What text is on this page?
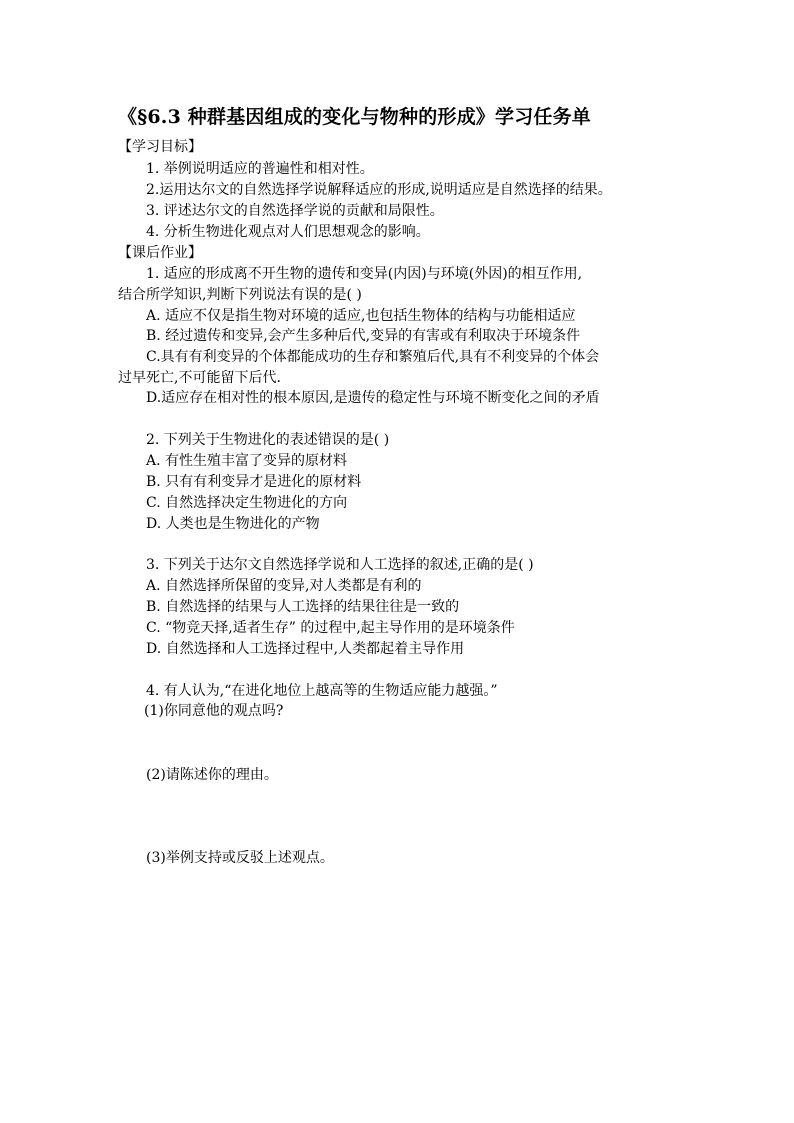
《§6.3 种群基因组成的变化与物种的形成》学习任务单
【学习目标】
1. 举例说明适应的普遍性和相对性。
2.运用达尔文的自然选择学说解释适应的形成,说明适应是自然选择的结果。
3. 评述达尔文的自然选择学说的贡献和局限性。
4. 分析生物进化观点对人们思想观念的影响。
【课后作业】
1. 适应的形成离不开生物的遗传和变异(内因)与环境(外因)的相互作用,
结合所学知识,判断下列说法有误的是( )
A. 适应不仅是指生物对环境的适应,也包括生物体的结构与功能相适应
B. 经过遗传和变异,会产生多种后代,变异的有害或有利取决于环境条件
C.具有有利变异的个体都能成功的生存和繁殖后代,具有不利变异的个体会
过早死亡,不可能留下后代.
D.适应存在相对性的根本原因,是遗传的稳定性与环境不断变化之间的矛盾
2. 下列关于生物进化的表述错误的是( )
A. 有性生殖丰富了变异的原材料
B. 只有有利变异才是进化的原材料
C. 自然选择决定生物进化的方向
D. 人类也是生物进化的产物
3. 下列关于达尔文自然选择学说和人工选择的叙述,正确的是( )
A. 自然选择所保留的变异,对人类都是有利的
B. 自然选择的结果与人工选择的结果往往是一致的
C. “物竞天择,适者生存” 的过程中,起主导作用的是环境条件
D. 自然选择和人工选择过程中,人类都起着主导作用
4. 有人认为,“在进化地位上越高等的生物适应能力越强。”
(1)你同意他的观点吗?
(2)请陈述你的理由。
(3)举例支持或反驳上述观点。
